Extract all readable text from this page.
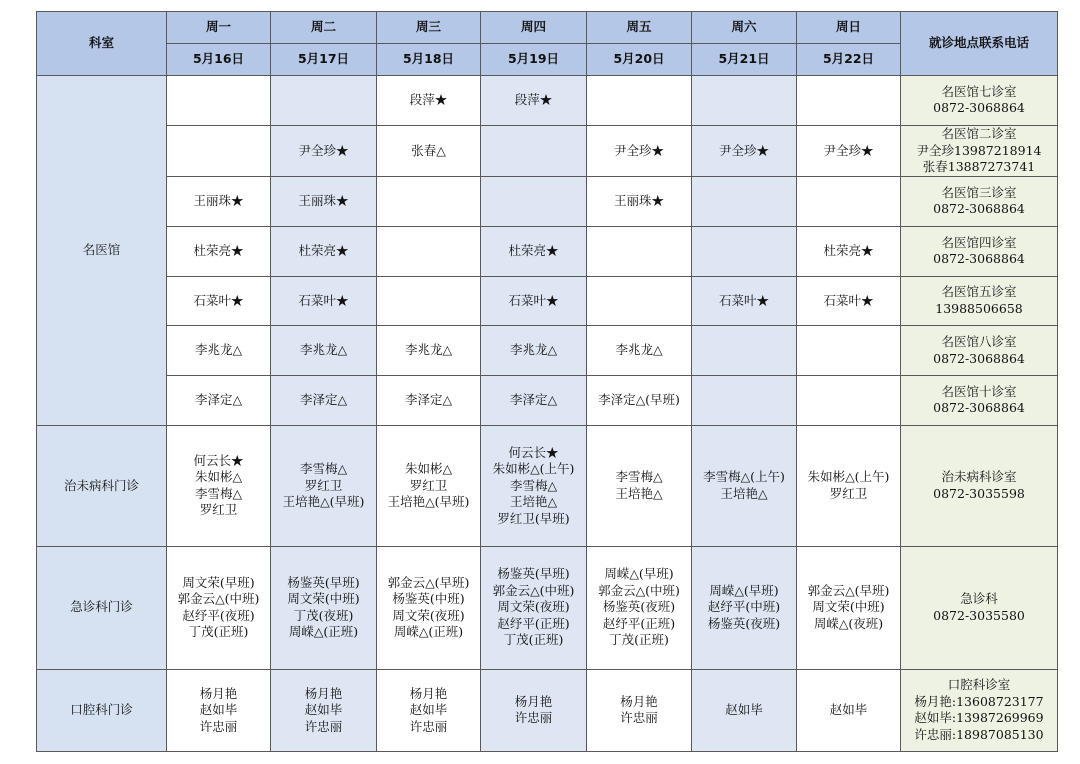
科室	周一	周二	周三	周四	周五	周六	周日	就诊地点联系电话
	5月16日	5月17日	5月18日	5月19日	5月20日	5月21日	5月22日	
名医馆			段萍★	段萍★				名医馆七诊室
0872-3068864

		尹全珍★	张春△		尹全珍★	尹全珍★	尹全珍★	名医馆二诊室
尹全珍13987218914
张春13887273741

	王丽珠★	王丽珠★			王丽珠★			名医馆三诊室
0872-3068864

	杜荣亮★	杜荣亮★		杜荣亮★			杜荣亮★	名医馆四诊室
0872-3068864

	石菜叶★	石菜叶★		石菜叶★		石菜叶★	石菜叶★	名医馆五诊室
13988506658

	李兆龙△	李兆龙△	李兆龙△	李兆龙△	李兆龙△			名医馆八诊室
0872-3068864

	李泽定△	李泽定△	李泽定△	李泽定△	李泽定△(早班)			名医馆十诊室
0872-3068864

治未病科门诊	何云长★
朱如彬△
李雪梅△
罗红卫	李雪梅△
罗红卫
王培艳△(早班)	朱如彬△
罗红卫
王培艳△(早班)	何云长★
朱如彬△(上午)
李雪梅△
王培艳△
罗红卫(早班)	李雪梅△
王培艳△	李雪梅△(上午)
王培艳△	朱如彬△(上午)
罗红卫	治未病科诊室
0872-3035598

急诊科门诊	周文荣(早班)
郭金云△(中班)
赵纾平(夜班)
丁茂(正班)	杨鉴英(早班)
周文荣(中班)
丁茂(夜班)
周嵘△(正班)	郭金云△(早班)
杨鉴英(中班)
周文荣(夜班)
周嵘△(正班)	杨鉴英(早班)
郭金云△(中班)
周文荣(夜班)
赵纾平(正班)
丁茂(正班)	周嵘△(早班)
郭金云△(中班)
杨鉴英(夜班)
赵纾平(正班)
丁茂(正班)	周嵘△(早班)
赵纾平(中班)
杨鉴英(夜班)	郭金云△(早班)
周文荣(中班)
周嵘△(夜班)	急诊科
0872-3035580

口腔科门诊	杨月艳
赵如毕
许忠丽	杨月艳
赵如毕
许忠丽	杨月艳
赵如毕
许忠丽	杨月艳
许忠丽	杨月艳
许忠丽	赵如毕	赵如毕	口腔科诊室
杨月艳:13608723177
赵如毕:13987269969
许忠丽:18987085130
